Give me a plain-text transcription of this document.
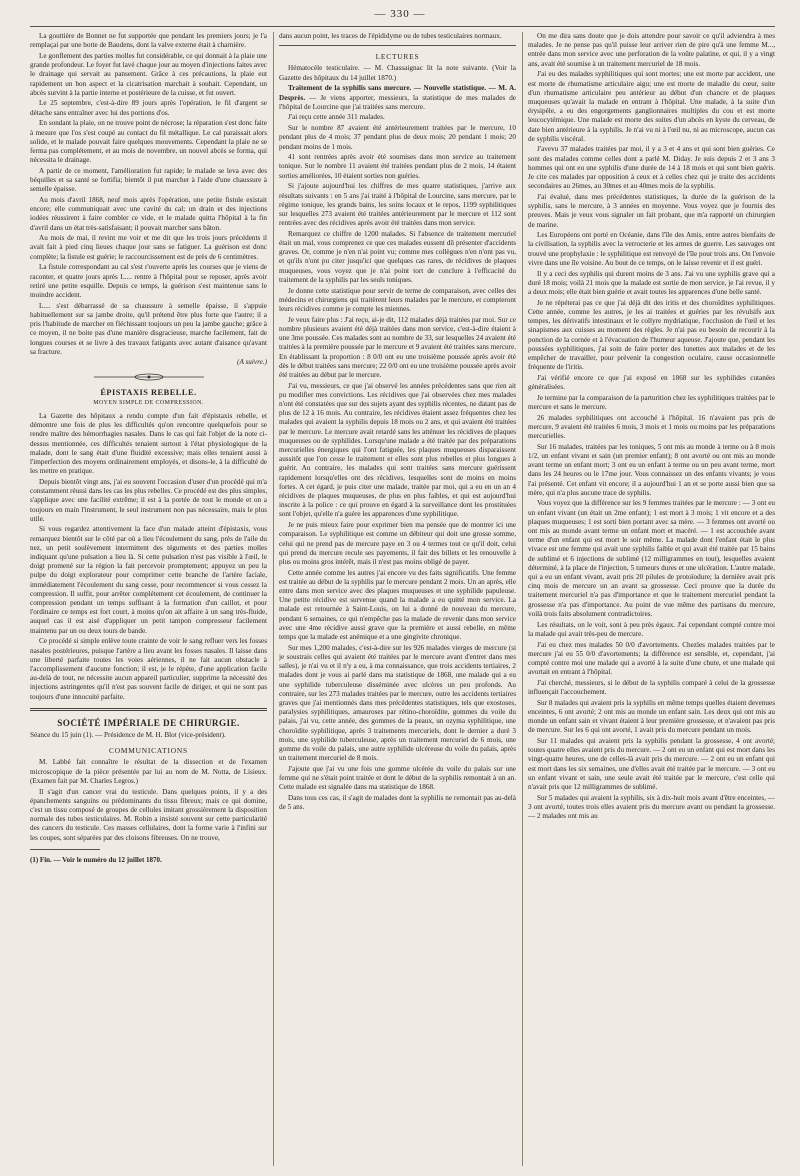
— 330 —

La gouttière de Bonnet ne fut supportée que pendant les premiers jours; je l'a remplaçai par une botte de Baudens, dont la valve externe était à charnière.

Le gonflement des parties molles fut considérable, ce qui donnait à la plaie une grande profondeur. Le foyer fut lavé chaque jour au moyen d'injections faites avec le drainage qui servait au pansement. Grâce à ces précautions, la plaie eut rapidement un bon aspect et la cicatrisation marchait à souhait. Cependant, un abcès survint à la partie interne et postérieure de la cuisse, et fut ouvert.

Le 25 septembre, c'est-à-dire 89 jours après l'opération, le fil d'argent se détache sans entraîner avec lui des portions d'os.

En sondant la plaie, on ne trouve point de nécrose; la réparation s'est donc faite à mesure que l'os s'est coupé au contact du fil métallique. Le cal paraissait alors solide, et le malade pouvait faire quelques mouvements. Cependant la plaie ne se ferma pas complétement, et au mois de novembre, un nouvel abcès se forma, qui nécessita le drainage.

A partir de ce moment, l'amélioration fut rapide; le malade se leva avec des béquilles et sa santé se fortifia; bientôt il put marcher à l'aide d'une chaussure à semelle épaisse.

Au mois d'avril 1868, neuf mois après l'opération, une petite fistule existait encore; elle communiquait avec une cavité du cal; un drain et des injections iodées réussirent à faire combler ce vide, et le malade quitta l'hôpital à la fin d'avril dans un état très-satisfaisant; il pouvait marcher sans bâton.

Au mois de mai, il revint me voir et me dit que les trois jours précédents il avait fait à pied cinq lieues chaque jour sans se fatiguer. La guérison est donc complète; la fistule est guérie; le raccourcissement est de près de 6 centimètres.

La fistule correspondant au cal s'est r'ouverte après les courses que je viens de raconter, et quatre jours après L.... rentre à l'hôpital pour se reposer, après avoir retiré une petite esquille. Depuis ce temps, la guérison s'est maintenue sans le moindre accident.

L.... s'est débarrassé de sa chaussure à semelle épaisse, il s'appuie habituellement sur sa jambe droite, qu'il prétend être plus forte que l'autre; il a pris l'habitude de marcher en fléchissant toujours un peu la jambe gauche; grâce à ce moyen, il ne boite pas d'une manière disgracieuse, marche facilement, fait de longues courses et se livre à des travaux fatigants avec autant d'aisance qu'avant sa fracture.

(A suivre.)

ÉPISTAXIS REBELLE.
MOYEN SIMPLE DE COMPRESSION.

La Gazette des hôpitaux a rendu compte d'un fait d'épistaxis rebelle, et démontre une fois de plus les difficultés qu'on rencontre quelquefois pour se rendre maître des hémorrhagies nasales. Dans le cas qui fait l'objet de la note ci-dessus mentionnée, ces difficultés tenaient surtout à l'état physiologique de la malade, dont le sang était d'une fluidité excessive; mais elles tenaient aussi à l'imperfection des moyens ordinairement employés, et disons-le, à la difficulté de les mettre en pratique.

Depuis bientôt vingt ans, j'ai eu souvent l'occasion d'user d'un procédé qui m'a constamment réussi dans les cas les plus rebelles. Ce procédé est des plus simples, s'applique avec une facilité extrême; il est à la portée de tout le monde et on a toujours en main l'instrument, le seul instrument non pas nécessaire, mais le plus utile.

Si vous regardez attentivement la face d'un malade atteint d'épistaxis, vous remarquez bientôt sur le côté par où a lieu l'écoulement du sang, près de l'aile du nez, un petit soulèvement intermittent des téguments et des parties molles indiquant qu'une pulsation a lieu là. Si cette pulsation n'est pas visible à l'œil, le doigt promené sur la région la fait percevoir promptement; appuyez un peu la pulpe du doigt explorateur pour comprimer cette branche de l'artère faciale, immédiatement l'écoulement du sang cesse, pour recommencer si vous cessez la compression. Il suffit, pour arrêter complétement cet écoulement, de continuer la compression pendant un temps suffisant à la formation d'un caillot, et pour l'ordinaire ce temps est fort court, à moins qu'on ait affaire à un sang très-fluide, auquel cas il est aisé d'appliquer un petit tampon compresseur facilement maintenu par un ou deux tours de bande.

Ce procédé si simple enlève toute crainte de voir le sang refluer vers les fosses nasales postérieures, puisque l'artère a lieu avant les fosses nasales. Il laisse dans une liberté parfaite toutes les voies aériennes, il ne fait aucun obstacle à l'accomplissement d'aucune fonction; il est, je le répète, d'une application facile au-delà de tout, ne nécessite aucun appareil particulier, supprime la nécessité des injections astringentes qu'il n'est pas souvent facile de diriger, et qui ne sont pas toujours d'une innocuité parfaite.

SOCIÉTÉ IMPÉRIALE DE CHIRURGIE.

Séance du 15 juin (1). — Présidence de M. H. Blot (vice-président).

COMMUNICATIONS

M. Labbé fait connaître le résultat de la dissection et de l'examen microscopique de la pièce présentée par lui au nom de M. Notta, de Lisieux. (Examen fait par M. Charles Legros.)

Il s'agit d'un cancer vrai du testicule. Dans quelques points, il y a des épanchements sanguins ou prédominants du tissu fibreux; mais ce qui domine, c'est un tissu composé de groupes de cellules imitant grossièrement la disposition normale des tubes testiculaires. M. Robin a insisté souvent sur cette particularité des cancers du testicule. Ces masses cellulaires, dont la forme varie à l'infini sur les coupes, sont séparées par des cloisons fibreuses. On ne trouve,

(1) Fin. — Voir le numéro du 12 juillet 1870.

dans aucun point, les traces de l'épididyme ou de tubes testiculaires normaux.

LECTURES

Hématocèle testiculaire. — M. Chassaignac lit la note suivante. (Voir la Gazette des hôpitaux du 14 juillet 1870.)

Traitement de la syphilis sans mercure. — Nouvelle statistique. — M. A. Desprès. — Je viens apporter, messieurs, la statistique de mes malades de l'hôpital de Lourcine que j'ai traitées sans mercure.

J'ai reçu cette année 311 malades.

Sur le nombre 87 avaient été antérieurement traitées par le mercure, 10 pendant plus de 4 mois; 37 pendant plus de deux mois; 20 pendant 1 mois; 20 pendant moins de 1 mois.

41 sont rentrées après avoir été soumises dans mon service au traitement tonique. Sur le nombre 11 avaient été traitées pendant plus de 2 mois, 14 étaient sorties améliorées, 10 étaient sorties non guéries.

Si j'ajoute aujourd'hui les chiffres de mes quatre statistiques, j'arrive aux résultats suivants : en 5 ans j'ai traité à l'hôpital de Lourcine, sans mercure, par le régime tonique, les grands bains, les soins locaux et le repos, 1199 syphilitiques sur lesquelles 273 avaient été traitées antérieurement par le mercure et 112 sont rentrées avec des récidives après avoir été traitées dans mon service.

Remarquez ce chiffre de 1200 malades. Si l'absence de traitement mercuriel était un mal, vous comprenez ce que ces malades eussent dû présenter d'accidents graves. Or, comme je n'en n'ai point vu; comme mes collègues n'en n'ont pas vu, et qu'ils n'ont pu citer jusqu'ici que quelques cas rares, de récidives de plaques muqueuses, vous voyez que je n'ai point tort de conclure à l'efficacité du traitement de la syphilis par les seuls toniques.

Je donne cette statistique pour servir de terme de comparaison, avec celles des médecins et chirurgiens qui traitèrent leurs malades par le mercure, et compteront leurs récidives comme je compte les miennes.

Je veux faire plus : J'ai reçu, ai-je dit, 112 malades déjà traitées par moi. Sur ce nombre plusieurs avaient été déjà traitées dans mon service, c'est-à-dire étaient à une 3me poussée. Ces malades sont au nombre de 33, sur lesquelles 24 avaient été traitées à la première poussée par le mercure et 9 avaient été traitées sans mercure. En établissant la proportion : 8 0/0 ont eu une troisième poussée après avoir été dès le début traitées sans mercure; 22 0/0 ont eu une troisième poussée après avoir été traitées au début par le mercure.

J'ai vu, messieurs, ce que j'ai observé les années précédentes sans que rien ait pu modifier mes convictions. Les récidives que j'ai observées chez mes malades n'ont été constatées que sur des sujets ayant des syphilis récentes, ne datant pas de plus de 12 à 16 mois. Au contraire, les récidives étaient assez fréquentes chez les malades qui avaient la syphilis depuis 18 mois ou 2 ans, et qui avaient été traitées par le mercure. Le mercure avait retardé sans les atténuer les récidives de plaques muqueuses ou de syphilides. Lorsqu'une malade a été traitée par des préparations mercurielles énergiques qui l'ont fatiguée, les plaques muqueuses disparaissent aussitôt que l'on cesse le traitement et elles sont plus rebelles et plus longues à guérir. Au contraire, les malades qui sont traitées sans mercure guérissent rapidement lorsqu'elles ont des récidives, lesquelles sont de moins en moins fortes. A cet égard, je puis citer une malade, traitée par moi, qui a eu en un an 4 récidives de plaques muqueuses, de plus en plus faibles, et qui est aujourd'hui inscrite à la police : ce qui prouve en égard à la surveillance dont les prostituées sont l'objet, qu'elle n'a guère les apparences d'une syphilitique.

Je ne puis mieux faire pour exprimer bien ma pensée que de montrer ici une comparaison. Le syphilitique est comme un débiteur qui doit une grosse somme, celui qui ne prend pas de mercure paye en 3 ou 4 termes tout ce qu'il doit, celui qui prend du mercure recule ses payements, il fait des billets et les renouvelle à plus ou moins gros intérêt, mais il n'est pas moins obligé de payer.

Cette année comme les autres j'ai encore vu des faits significatifs. Une femme est traitée au début de la syphilis par le mercure pendant 2 mois. Un an après, elle entre dans mon service avec des plaques muqueuses et une syphilide papuleuse. Une petite récidive est survenue quand la malade a eu quitté mon service. La malade est retournée à Saint-Louis, on lui a donné de nouveau du mercure, pendant 6 semaines, ce qui n'empêche pas la malade de revenir dans mon service avec une 4me récidive aussi grave que la première et aussi rebelle, en même temps que la malade est anémique et a une gingivite chronique.

Sur mes 1,200 malades, c'est-à-dire sur les 926 malades vierges de mercure (si je soustrais celles qui avaient été traitées par le mercure avant d'entrer dans mes salles), je n'ai vu et il n'y a eu, à ma connaissance, que trois accidents tertiaires, 2 malades dont je vous ai parlé dans ma statistique de 1868, une malade qui a eu une syphilide tuberculeuse disséminée avec ulcères un peu profonds. Au contraire, sur les 273 malades traitées par le mercure, outre les accidents tertiaires graves que j'ai mentionnés dans mes précédentes statistiques, tels que exostoses, paralysies syphilitiques, amauroses par rétino-choroïdite, gommes du voile du palais, j'ai vu, cette année, des gommes de la peaux, un ozyma syphilitique, une choroïdite syphilitique, après 3 traitements mercuriels, dont le dernier a duré 3 mois, une syphilide tuberculeuse, après un traitement mercuriel de 6 mois, une gomme du voile du palais, une autre syphilide ulcéreuse du voile du palais, après un traitement mercuriel de 8 mois.

J'ajoute que j'ai vu une fois une gomme ulcérée du voile du palais sur une femme qui ne s'était point traitée et dont le début de la syphilis remontait à un an. Cette malade est signalée dans ma statistique de 1868.

Dans tous ces cas, il s'agit de malades dont la syphilis ne remontait pas au-delà de 5 ans.

On me dira sans doute que je dois attendre pour savoir ce qu'il adviendra à mes malades. Je ne pense pas qu'il puisse leur arriver rien de pire qu'à une femme M..., entrée dans mon service avec une perforation de la voûte palatine, et qui, il y a vingt ans, avait été soumise à un traitement mercuriel de 18 mois.

J'ai eu des malades syphilitiques qui sont mortes; une est morte par accident, une est morte de rhumatisme articulaire aigu; une est morte de maladie du cœur, suite d'un rhumatisme articulaire peu antérieur au début d'un chancre et de plaques muqueuses qu'avait la malade en entrant à l'hôpital. Une malade, à la suite d'un érysipèle, a eu des engorgements ganglionnaires multiples du cou et est morte leucocytémique. Une malade est morte des suites d'un abcès en kyste du cerveau, de date bien antérieure à la syphilis. Je n'ai vu ni à l'œil nu, ni au microscope, aucun cas de syphilis viscéral.

J'avevu 37 malades traitées par moi, il y a 3 et 4 ans et qui sont bien guéries. Ce sont des malades comme celles dont a parlé M. Diday. Je suis depuis 2 et 3 ans 3 hommes qui ont eu une syphilis d'une durée de 14 à 18 mois et qui sont bien guéris. Je cite ces malades par opposition à ceux et à celles chez qui je traite des accidents secondaires au 26mes, au 30mes et au 40mes mois de la syphilis.

J'ai évalué, dans mes précédentes statistiques, la durée de la guérison de la syphilis, sans le mercure, à 3 années en moyenne. Vous voyez que je fournis des preuves. Mais je veux vous signaler un fait probant, que m'a rapporté un chirurgien de marine.

Les Européens ont porté en Océanie, dans l'île des Amis, entre autres bienfaits de la civilisation, la syphilis avec la verrocterie et les armes de guerre. Les sauvages ont trouvé une prophylaxie : le syphilitique est renvoyé de l'île pour trois ans. On l'envoie vivre dans une île voisine. Au bout de ce temps, on le laisse revenir et il est guéri.

Il y a ceci des syphilis qui durent moins de 3 ans. J'ai vu une syphilis grave qui a duré 18 mois; voilà 21 mois que la malade est sortie de mon service, je l'ai revue, il y a deux mois; elle était bien guérie et avait toutes les apparences d'une belle santé.

Je ne répéterai pas ce que j'ai déjà dit des iritis et des choroïdites syphilitiques. Cette année, comme les autres, je les ai traitées et guéries par les révulsifs aux tempes, les dérivatifs intestinaux et le collyre mydriatique, l'occlusion de l'œil et les sinapismes aux cuisses au moment des règles. Je n'ai pas eu besoin de recourir à la ponction de la cornée et à l'évacuation de l'humeur aqueuse. J'ajoute que, pendant les poussées syphilitiques, j'ai soin de faire porter des lunettes aux malades et de les empêcher de travailler, pour prévenir la congestion oculaire, cause occasionnelle fréquente de l'iritis.

J'ai vérifié encore ce que j'ai exposé en 1868 sur les syphilides cutanées généralisées.

Je termine par la comparaison de la parturition chez les syphilitiques traitées par le mercure et sans le mercure.

26 malades syphilitiques ont accouché à l'hôpital. 16 n'avaient pas pris de mercure, 9 avaient été traitées 6 mois, 3 mois et 1 mois ou moins par les préparations mercurielles.

Sur 16 malades, traitées par les toniques, 5 ont mis au monde à terme ou à 8 mois 1/2, un enfant vivant et sain (un premier enfant); 8 ont avorté ou ont mis au monde avant terme un enfant mort; 3 ont eu un enfant à terme ou un peu avant terme, mort dans les 24 heures ou le 17me jour. Vous connaissez un des enfants vivants; je vous l'ai présenté. Cet enfant vit encore; il a aujourd'hui 1 an et se porte aussi bien que sa mère, qui n'a plus aucune trace de syphilis.

Vous voyez que la différence sur les 9 femmes traitées par le mercure : — 3 ont eu un enfant vivant (un était un 2me enfant); 1 est mort à 3 mois; 1 vit encore et a des plaques muqueuses; 1 est sorti bien portant avec sa mère. — 3 femmes ont avorté ou ont mis au monde avant terme un enfant mort et macéré. — 1 est accouchée avant terme d'un enfant qui est mort le soir même. La malade dont l'enfant était le plus vivace est une femme qui avait une syphilis faible et qui avait été traitée par 15 bains de sublimé et 6 injections de sublimé (12 milligrammes en tout), lesquelles avaient déterminé, à la place de l'injection, 5 tumeurs dures et une ulcération. L'autre malade, qui a eu un enfant vivant, avait pris 20 pilules de protoïodure; la dernière avait pris cinq mois de mercure un an avant sa grossesse. Ceci prouve que la durée du traitement mercuriel n'a pas d'importance et que le traitement mercuriel pendant la grossesse n'a pas d'importance. Au point de vue même des partisans du mercure, voilà trois faits absolument contradictoires.

Les résultats, on le voit, sont à peu près égaux. J'ai cependant compté contre moi la malade qui avait très-peu de mercure.

J'ai eu chez mes malades 50 0/0 d'avortements. Chezles malades traitées par le mercure j'ai eu 55 0/0 d'avortements; la différence est sensible, et, cependant, j'ai compté contre moi une malade qui a avorté à la suite d'une chute, et une malade qui avortait en entrant à l'hôpital.

J'ai cherché, messieurs, si le début de la syphilis comparé à celui de la grossesse influençait l'accouchement.

Sur 8 malades qui avaient pris la syphilis en même temps quelles étaient devenues enceintes, 6 ont avorté; 2 ont mis au monde un enfant sain. Les deux qui ont mis au monde un enfant sain et vivant étaient à leur première grossesse, et n'avaient pas pris de mercure. Sur les 6 qui ont avorté, 1 avait pris du mercure pendant un mois.

Sur 11 malades qui avaient pris la syphilis pendant la grossesse, 4 ont avorté; toutes quatre elles avaient pris du mercure. — 2 ont eu un enfant qui est mort dans les vingt-quatre heures, une de celles-là avait pris du mercure. — 2 ont eu un enfant qui est mort dans les six semaines, une d'elles avait été traitée par le mercure. — 3 ont eu un enfant vivant et sain, une seule avait été traitée par le mercure, c'est celle qui n'avait pris que 12 milligrammes de sublimé.

Sur 5 malades qui avaient la syphilis, six à dix-huit mois avant d'être enceintes, — 3 ont avorté, toutes trois elles avaient pris du mercure avant ou pendant la grossesse. — 2 malades ont mis au
